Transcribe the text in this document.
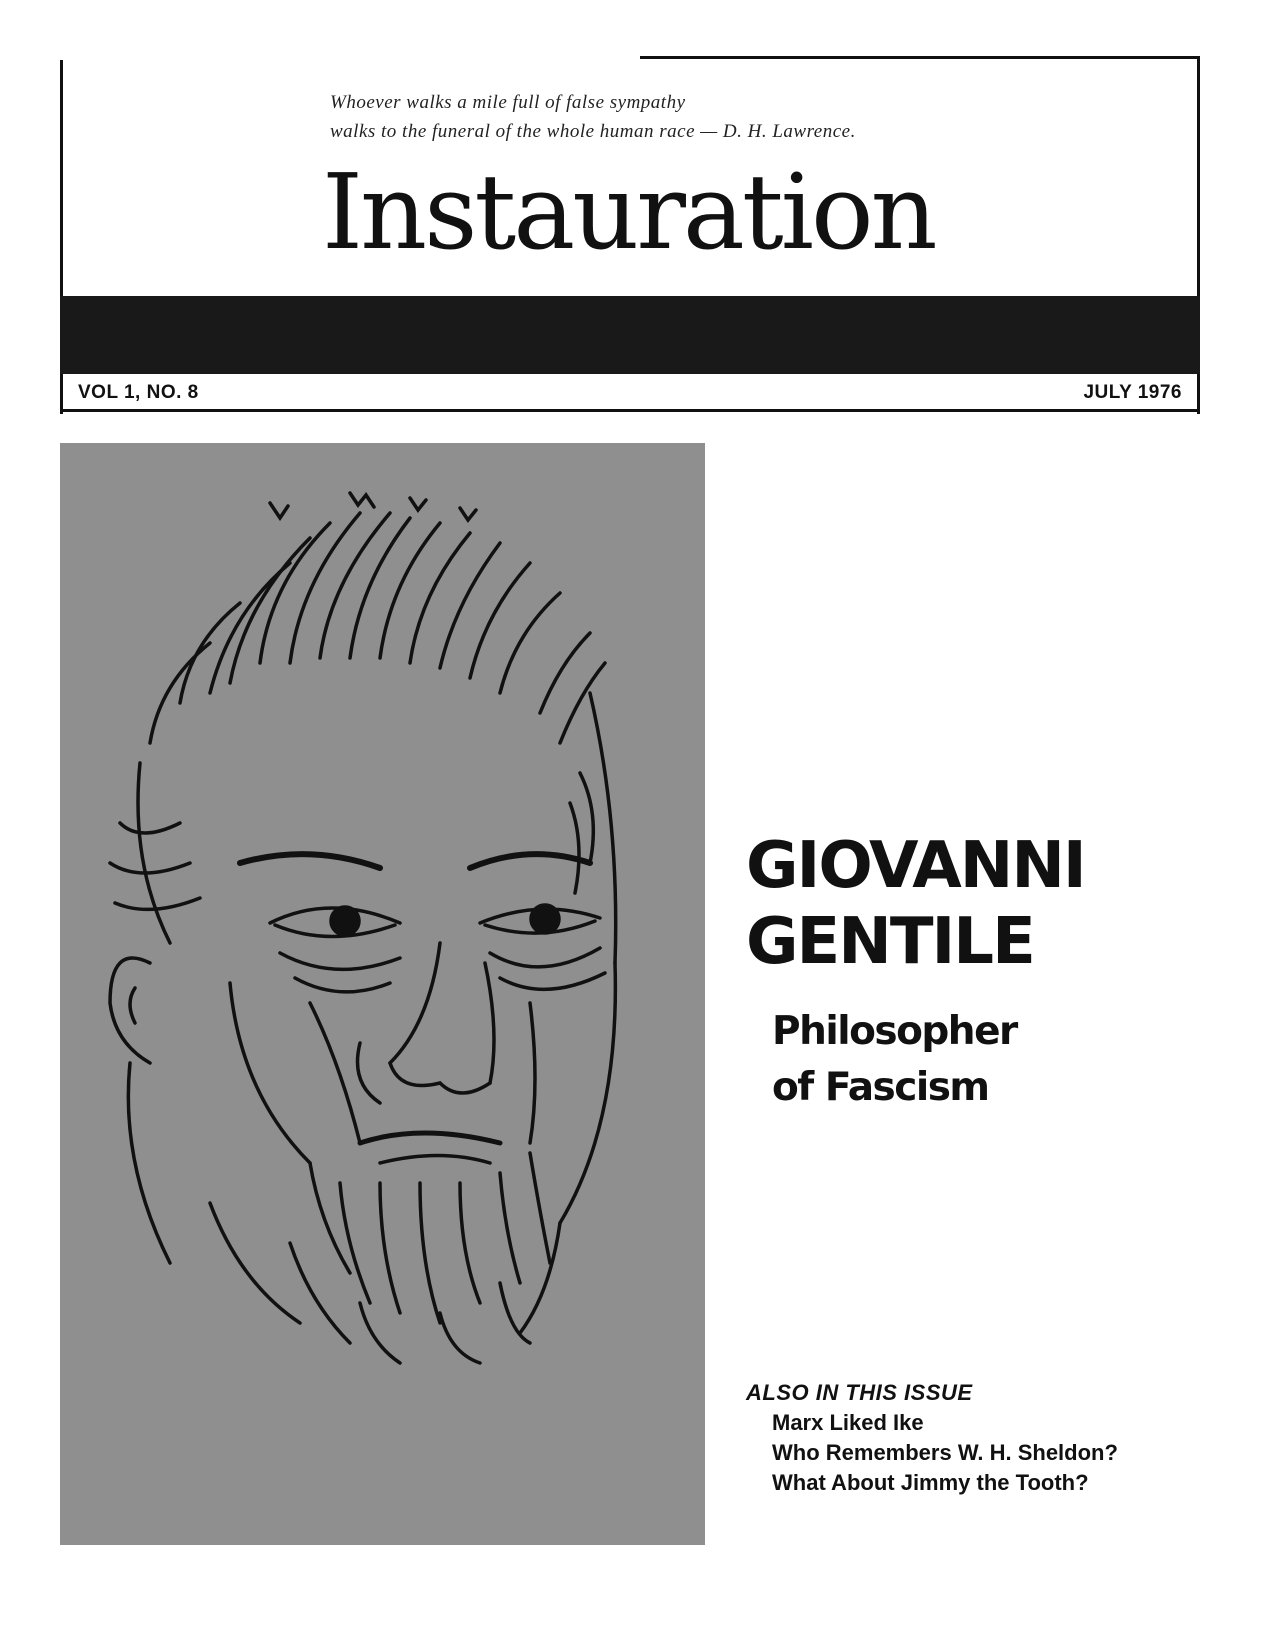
Whoever walks a mile full of false sympathy
walks to the funeral of the whole human race — D. H. Lawrence.
Instauration
VOL 1, NO. 8	JULY 1976
GIOVANNI
GENTILE
Philosopher
of Fascism
ALSO IN THIS ISSUE
Marx Liked Ike
Who Remembers W. H. Sheldon?
What About Jimmy the Tooth?
